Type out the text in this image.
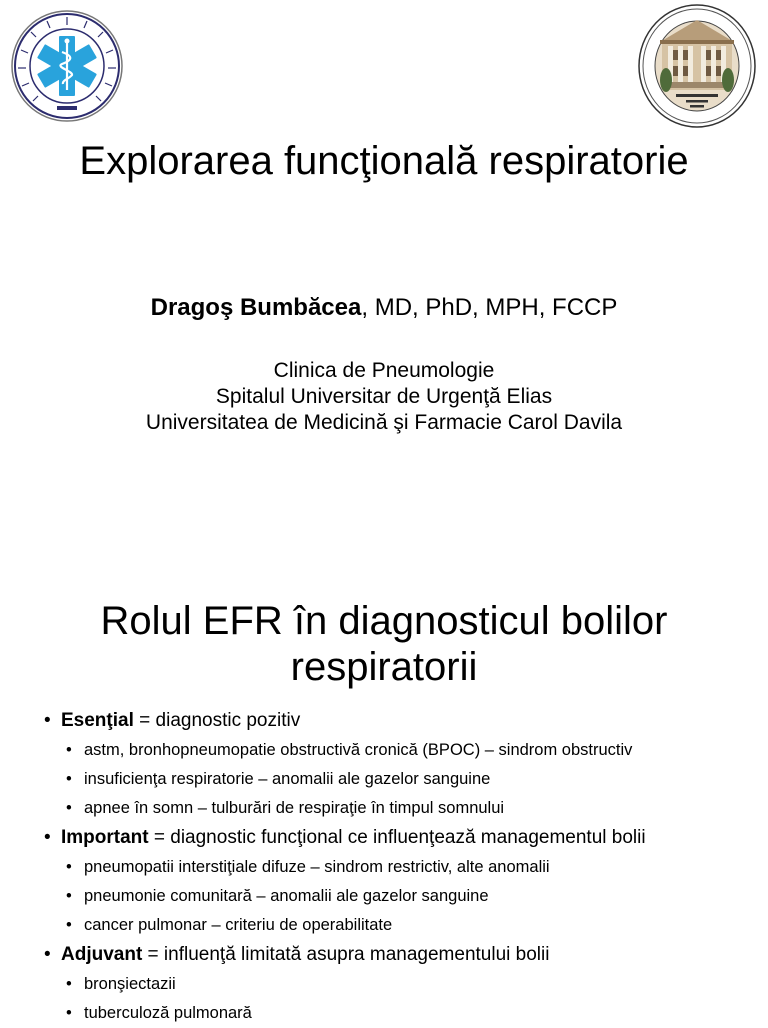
Explorarea funcţională respiratorie
Dragoş Bumbăcea, MD, PhD, MPH, FCCP
Clinica de Pneumologie
Spitalul Universitar de Urgenţă Elias
Universitatea de Medicină şi Farmacie Carol Davila
Rolul EFR în diagnosticul bolilor
respiratorii
• Esenţial = diagnostic pozitiv
• astm, bronhopneumopatie obstructivă cronică (BPOC) – sindrom obstructiv
• insuficienţa respiratorie – anomalii ale gazelor sanguine
• apnee în somn – tulburări de respiraţie în timpul somnului
• Important = diagnostic funcţional ce influenţează managementul bolii
• pneumopatii interstiţiale difuze – sindrom restrictiv, alte anomalii
• pneumonie comunitară – anomalii ale gazelor sanguine
• cancer pulmonar – criteriu de operabilitate
• Adjuvant = influenţă limitată asupra managementului bolii
• bronşiectazii
• tuberculoză pulmonară
